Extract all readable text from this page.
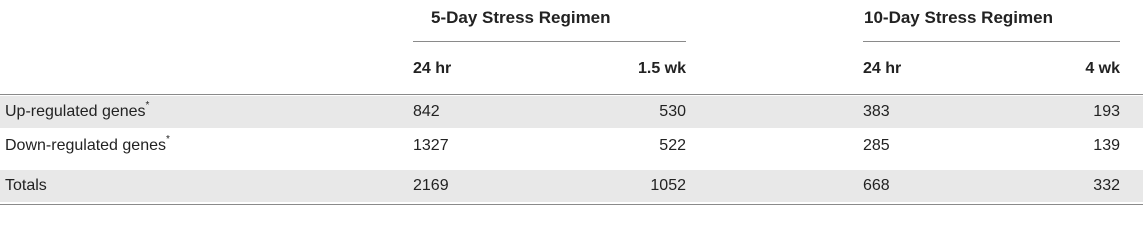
5-Day Stress Regimen	10-Day Stress Regimen
24 hr	1.5 wk	24 hr	4 wk
Up-regulated genes*	842	530	383	193
Down-regulated genes*	1327	522	285	139
Totals	2169	1052	668	332
